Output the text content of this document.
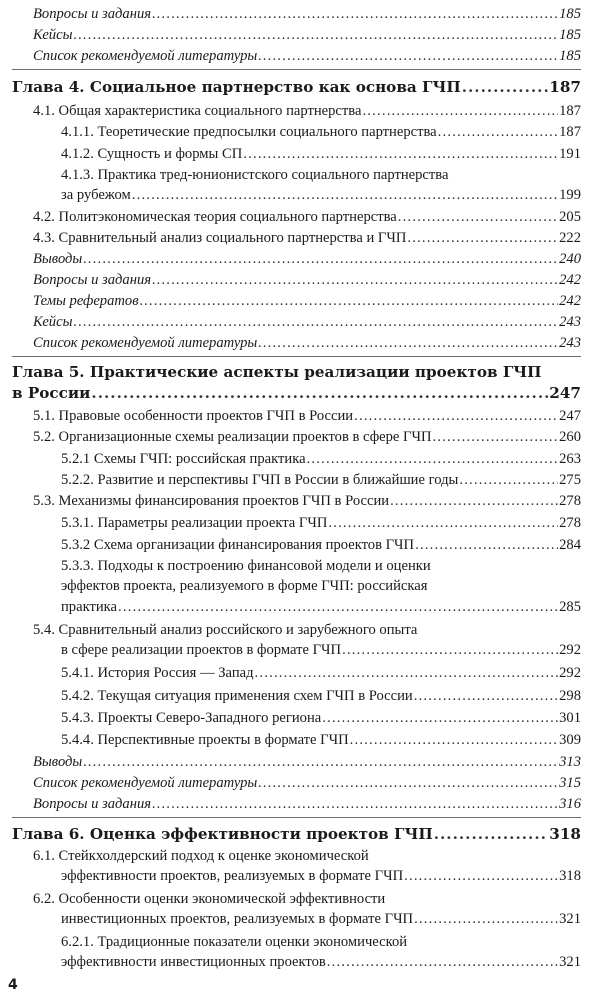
Вопросы и задания .....	185
Кейсы .....	185
Список рекомендуемой литературы .....	185
Глава 4. Социальное партнерство как основа ГЧП .....	187
4.1. Общая характеристика социального партнерства .....	187
4.1.1. Теоретические предпосылки социального партнерства .....	187
4.1.2. Сущность и формы СП .....	191
4.1.3. Практика тред-юнионистского социального партнерства
за рубежом .....	199
4.2. Политэкономическая теория социального партнерства .....	205
4.3. Сравнительный анализ социального партнерства и ГЧП .....	222
Выводы .....	240
Вопросы и задания .....	242
Темы рефератов .....	242
Кейсы .....	243
Список рекомендуемой литературы .....	243
Глава 5. Практические аспекты реализации проектов ГЧП
в России .....	247
5.1. Правовые особенности проектов ГЧП в России .....	247
5.2. Организационные схемы реализации проектов в сфере ГЧП .....	260
5.2.1 Схемы ГЧП: российская практика .....	263
5.2.2. Развитие и перспективы ГЧП в России в ближайшие годы .....	275
5.3. Механизмы финансирования проектов ГЧП в России .....	278
5.3.1. Параметры реализации проекта ГЧП .....	278
5.3.2 Схема организации финансирования проектов ГЧП .....	284
5.3.3. Подходы к построению финансовой модели и оценки
эффектов проекта, реализуемого в форме ГЧП: российская
практика .....	285
5.4. Сравнительный анализ российского и зарубежного опыта
в сфере реализации проектов в формате ГЧП .....	292
5.4.1. История Россия — Запад .....	292
5.4.2. Текущая ситуация применения схем ГЧП в России .....	298
5.4.3. Проекты Северо-Западного региона .....	301
5.4.4. Перспективные проекты в формате ГЧП .....	309
Выводы .....	313
Список рекомендуемой литературы .....	315
Вопросы и задания .....	316
Глава 6. Оценка эффективности проектов ГЧП .....	318
6.1. Стейкхолдерский подход к оценке экономической
эффективности проектов, реализуемых в формате ГЧП .....	318
6.2. Особенности оценки экономической эффективности
инвестиционных проектов, реализуемых в формате ГЧП .....	321
6.2.1. Традиционные показатели оценки экономической
эффективности инвестиционных проектов .....	321
4
